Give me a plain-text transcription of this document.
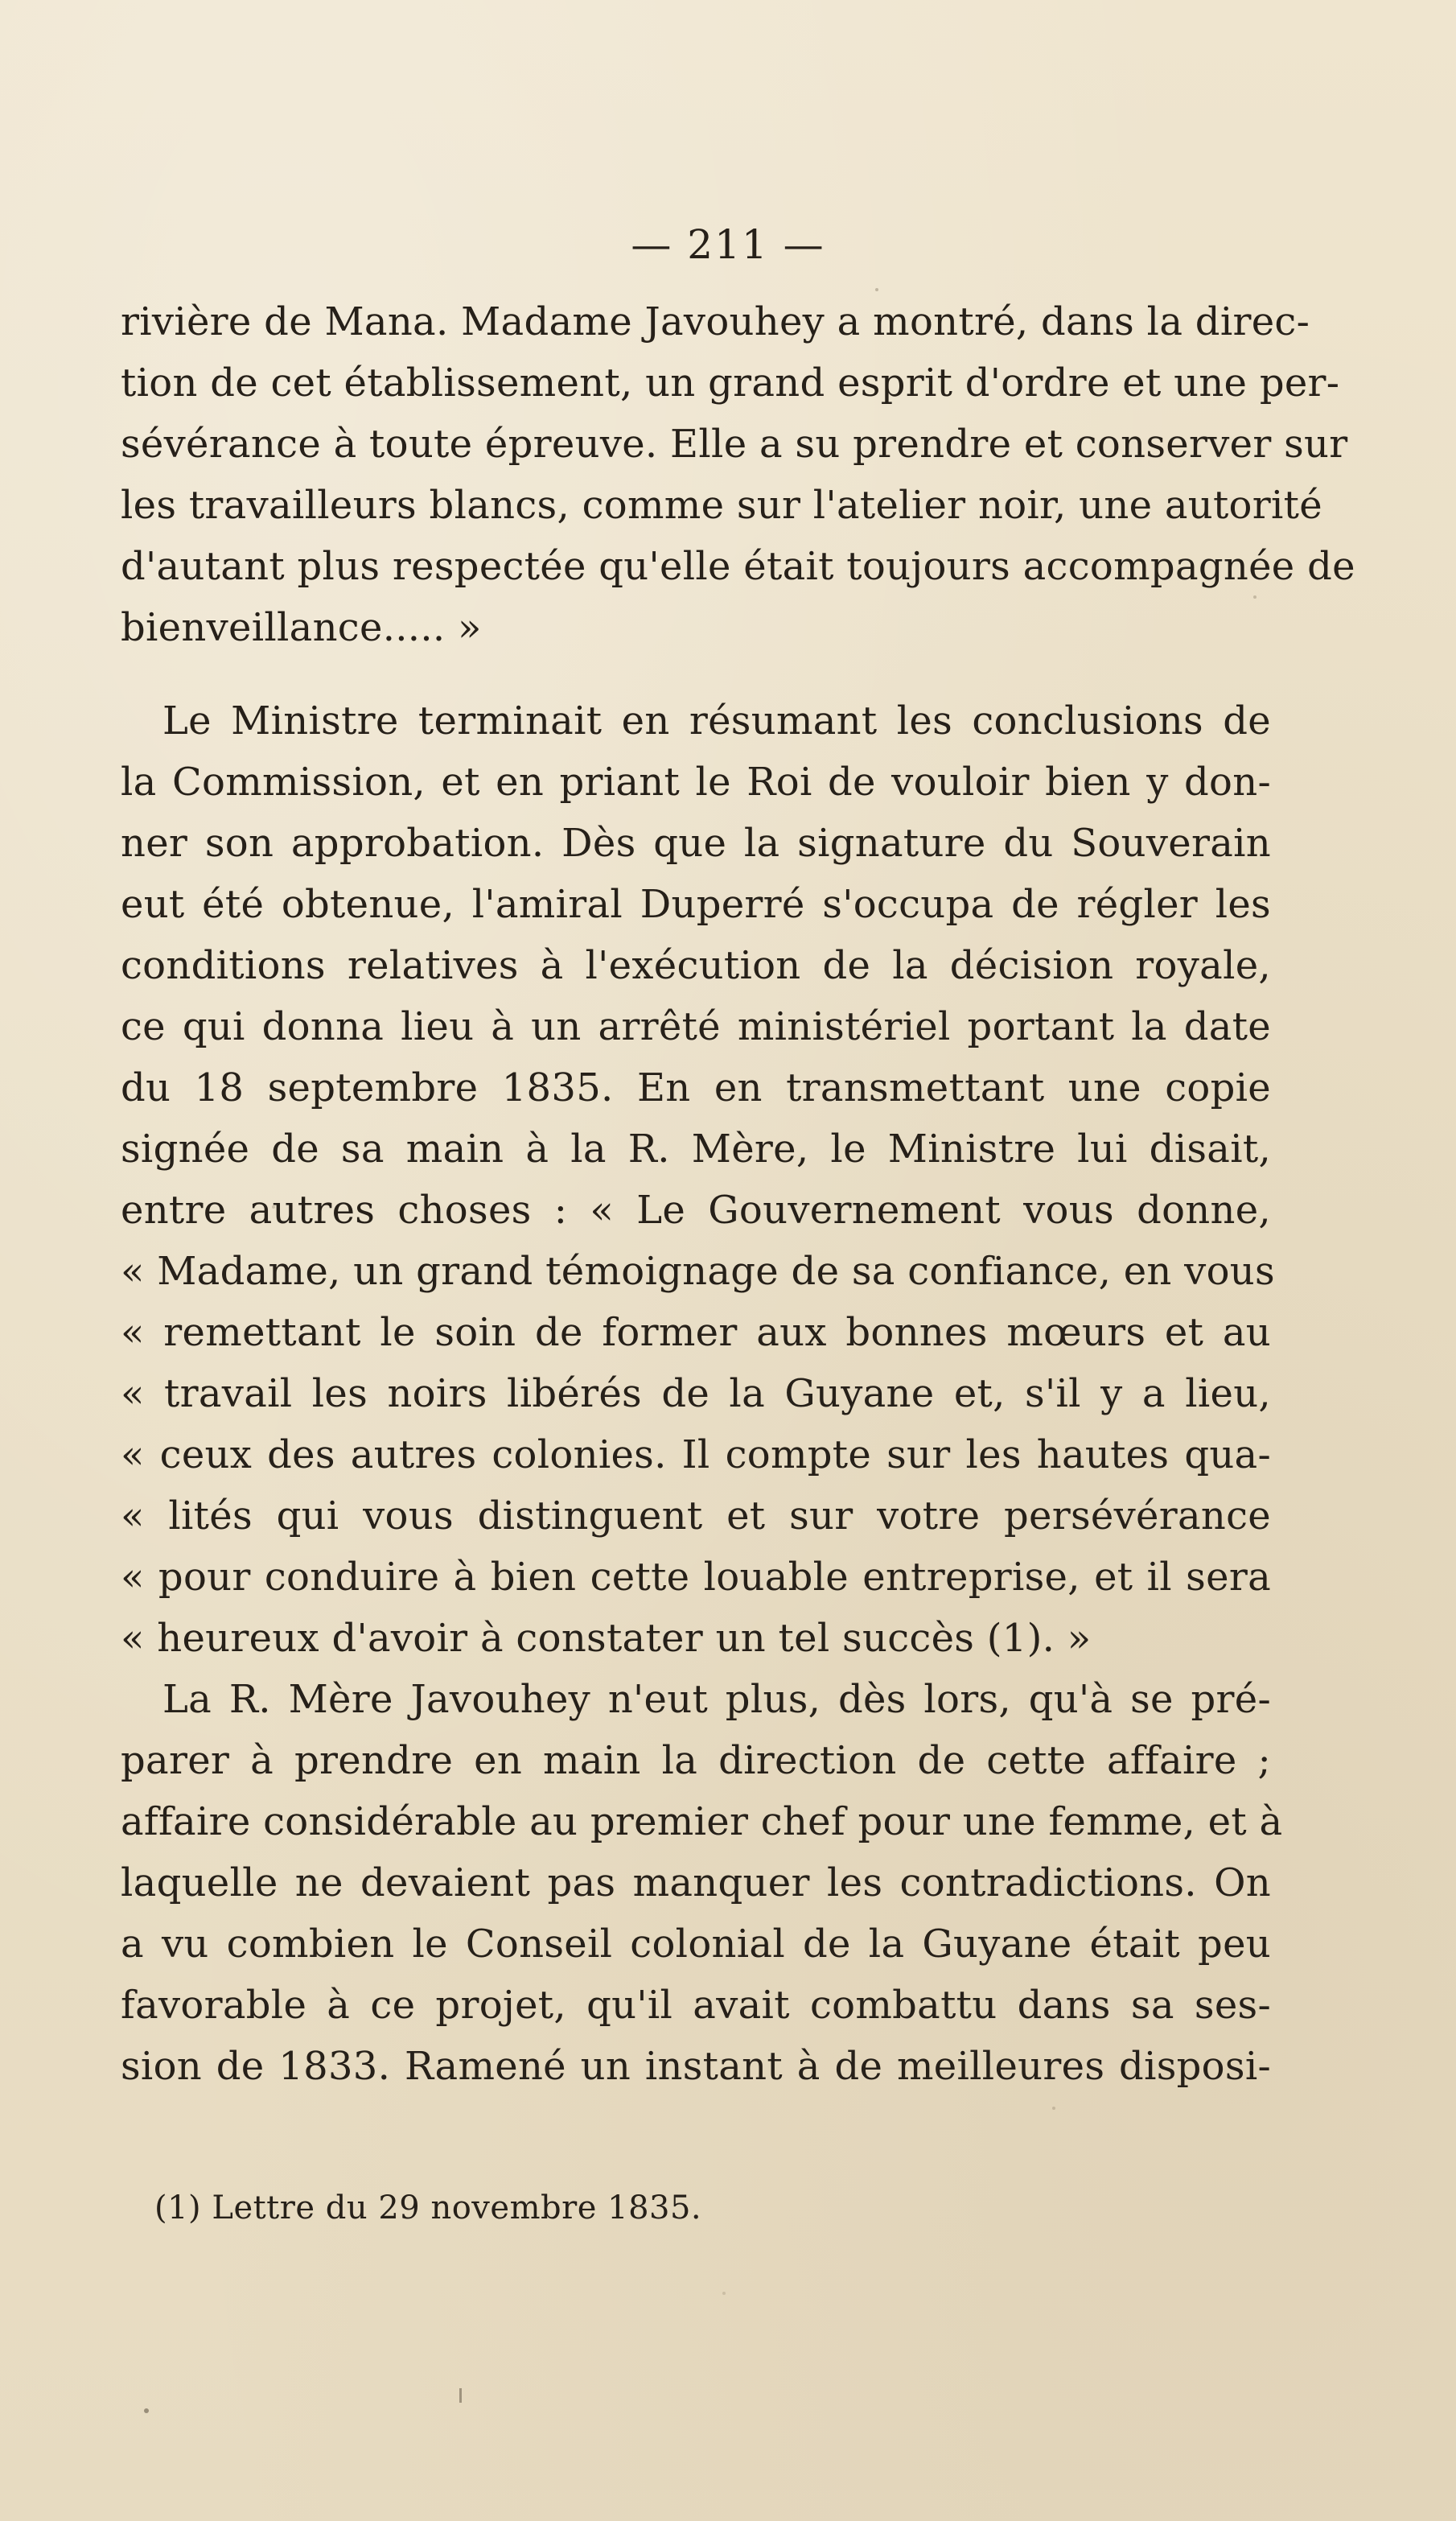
— 211 —
rivière de Mana. Madame Javouhey a montré, dans la direc-
tion de cet établissement, un grand esprit d'ordre et une per-
sévérance à toute épreuve. Elle a su prendre et conserver sur
les travailleurs blancs, comme sur l'atelier noir, une autorité
d'autant plus respectée qu'elle était toujours accompagnée de
bienveillance..... »
Le Ministre terminait en résumant les conclusions de
la Commission, et en priant le Roi de vouloir bien y don-
ner son approbation. Dès que la signature du Souverain
eut été obtenue, l'amiral Duperré s'occupa de régler les
conditions relatives à l'exécution de la décision royale,
ce qui donna lieu à un arrêté ministériel portant la date
du 18 septembre 1835. En en transmettant une copie
signée de sa main à la R. Mère, le Ministre lui disait,
entre autres choses : « Le Gouvernement vous donne,
« Madame, un grand témoignage de sa confiance, en vous
« remettant le soin de former aux bonnes mœurs et au
« travail les noirs libérés de la Guyane et, s'il y a lieu,
« ceux des autres colonies. Il compte sur les hautes qua-
« lités qui vous distinguent et sur votre persévérance
« pour conduire à bien cette louable entreprise, et il sera
« heureux d'avoir à constater un tel succès (1). »
La R. Mère Javouhey n'eut plus, dès lors, qu'à se pré-
parer à prendre en main la direction de cette affaire ;
affaire considérable au premier chef pour une femme, et à
laquelle ne devaient pas manquer les contradictions. On
a vu combien le Conseil colonial de la Guyane était peu
favorable à ce projet, qu'il avait combattu dans sa ses-
sion de 1833. Ramené un instant à de meilleures disposi-
(1) Lettre du 29 novembre 1835.
